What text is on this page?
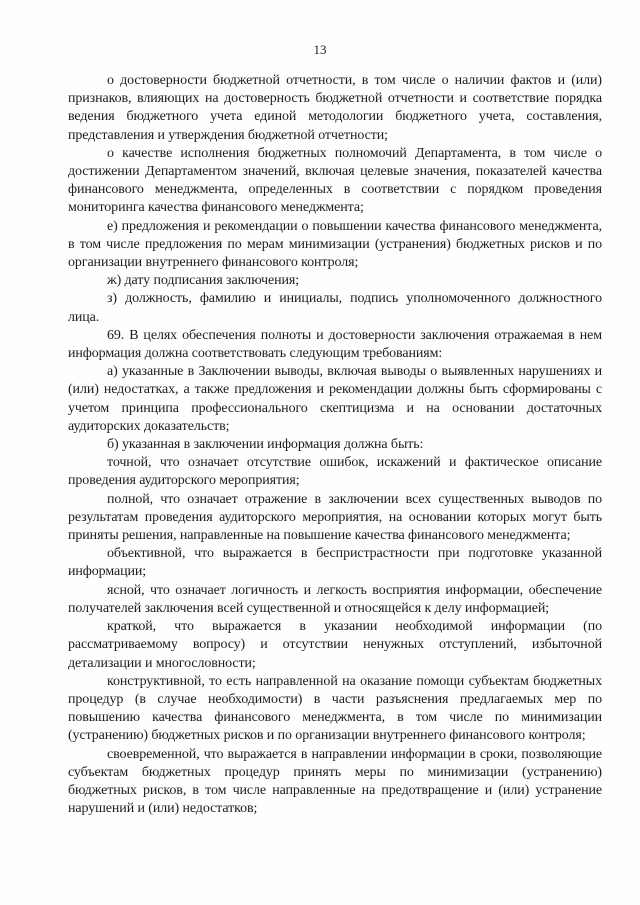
13

о достоверности бюджетной отчетности, в том числе о наличии фактов и (или) признаков, влияющих на достоверность бюджетной отчетности и соответствие порядка ведения бюджетного учета единой методологии бюджетного учета, составления, представления и утверждения бюджетной отчетности;

о качестве исполнения бюджетных полномочий Департамента, в том числе о достижении Департаментом значений, включая целевые значения, показателей качества финансового менеджмента, определенных в соответствии с порядком проведения мониторинга качества финансового менеджмента;

е) предложения и рекомендации о повышении качества финансового менеджмента, в том числе предложения по мерам минимизации (устранения) бюджетных рисков и по организации внутреннего финансового контроля;

ж) дату подписания заключения;

з) должность, фамилию и инициалы, подпись уполномоченного должностного лица.

69. В целях обеспечения полноты и достоверности заключения отражаемая в нем информация должна соответствовать следующим требованиям:

а) указанные в Заключении выводы, включая выводы о выявленных нарушениях и (или) недостатках, а также предложения и рекомендации должны быть сформированы с учетом принципа профессионального скептицизма и на основании достаточных аудиторских доказательств;

б) указанная в заключении информация должна быть:

точной, что означает отсутствие ошибок, искажений и фактическое описание проведения аудиторского мероприятия;

полной, что означает отражение в заключении всех существенных выводов по результатам проведения аудиторского мероприятия, на основании которых могут быть приняты решения, направленные на повышение качества финансового менеджмента;

объективной, что выражается в беспристрастности при подготовке указанной информации;

ясной, что означает логичность и легкость восприятия информации, обеспечение получателей заключения всей существенной и относящейся к делу информацией;

краткой, что выражается в указании необходимой информации (по рассматриваемому вопросу) и отсутствии ненужных отступлений, избыточной детализации и многословности;

конструктивной, то есть направленной на оказание помощи субъектам бюджетных процедур (в случае необходимости) в части разъяснения предлагаемых мер по повышению качества финансового менеджмента, в том числе по минимизации (устранению) бюджетных рисков и по организации внутреннего финансового контроля;

своевременной, что выражается в направлении информации в сроки, позволяющие субъектам бюджетных процедур принять меры по минимизации (устранению) бюджетных рисков, в том числе направленные на предотвращение и (или) устранение нарушений и (или) недостатков;
